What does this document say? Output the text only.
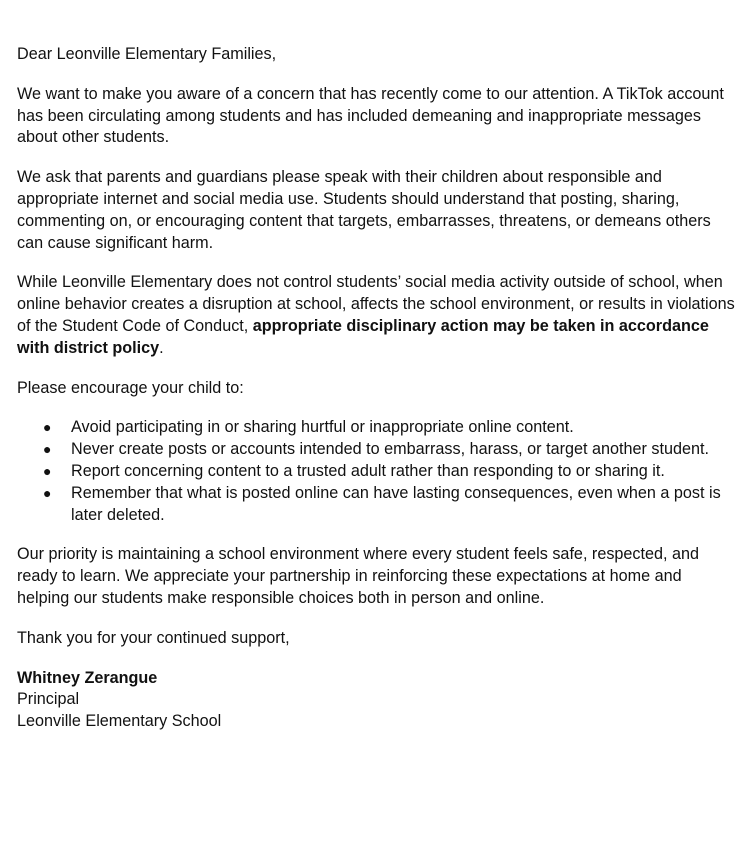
Dear Leonville Elementary Families,

We want to make you aware of a concern that has recently come to our attention. A TikTok account has been circulating among students and has included demeaning and inappropriate messages about other students.

We ask that parents and guardians please speak with their children about responsible and appropriate internet and social media use. Students should understand that posting, sharing, commenting on, or encouraging content that targets, embarrasses, threatens, or demeans others can cause significant harm.

While Leonville Elementary does not control students’ social media activity outside of school, when online behavior creates a disruption at school, affects the school environment, or results in violations of the Student Code of Conduct, appropriate disciplinary action may be taken in accordance with district policy.

Please encourage your child to:

● Avoid participating in or sharing hurtful or inappropriate online content.
● Never create posts or accounts intended to embarrass, harass, or target another student.
● Report concerning content to a trusted adult rather than responding to or sharing it.
● Remember that what is posted online can have lasting consequences, even when a post is later deleted.

Our priority is maintaining a school environment where every student feels safe, respected, and ready to learn. We appreciate your partnership in reinforcing these expectations at home and helping our students make responsible choices both in person and online.

Thank you for your continued support,

Whitney Zerangue

Principal

Leonville Elementary School
